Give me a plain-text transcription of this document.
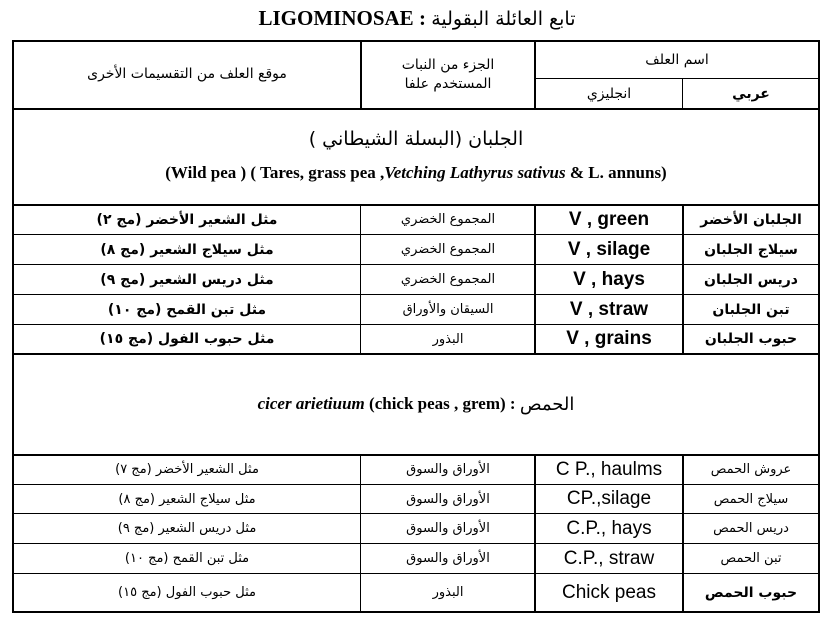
LIGOMINOSAE : تابع العائلة البقولية
موقع العلف من التقسيمات الأخرى
الجزء من النبات
المستخدم علفا
اسم العلف
انجليزي	عربي
الجلبان (البسلة الشيطاني )
(Wild pea ) ( Tares, grass pea , Vetching Lathyrus sativus & L. annuns)
الجلبان الأخضر
V , green
المجموع الخضري
مثل الشعير الأخضر (مج ٢)
سيلاج الجلبان
V , silage
المجموع الخضري
مثل سيلاج الشعير (مج ٨)
دريس الجلبان
V , hays
المجموع الخضري
مثل دريس الشعير (مج ٩)
تبن الجلبان
V , straw
السيقان والأوراق
مثل تبن القمح (مج ١٠)
حبوب الجلبان
V , grains
البذور
مثل حبوب الفول (مج ١٥)
cicer arietiuum (chick peas , grem) : الحمص
عروش الحمص
C P., haulms
الأوراق والسوق
مثل الشعير الأخضر (مج ٧)
سيلاج الحمص
CP.,silage
الأوراق والسوق
مثل سيلاج الشعير (مج ٨)
دريس الحمص
C.P., hays
الأوراق والسوق
مثل دريس الشعير (مج ٩)
تبن الحمص
C.P., straw
الأوراق والسوق
مثل تبن القمح (مج ١٠)
حبوب الحمص
Chick peas
البذور
مثل حبوب الفول (مج ١٥)
